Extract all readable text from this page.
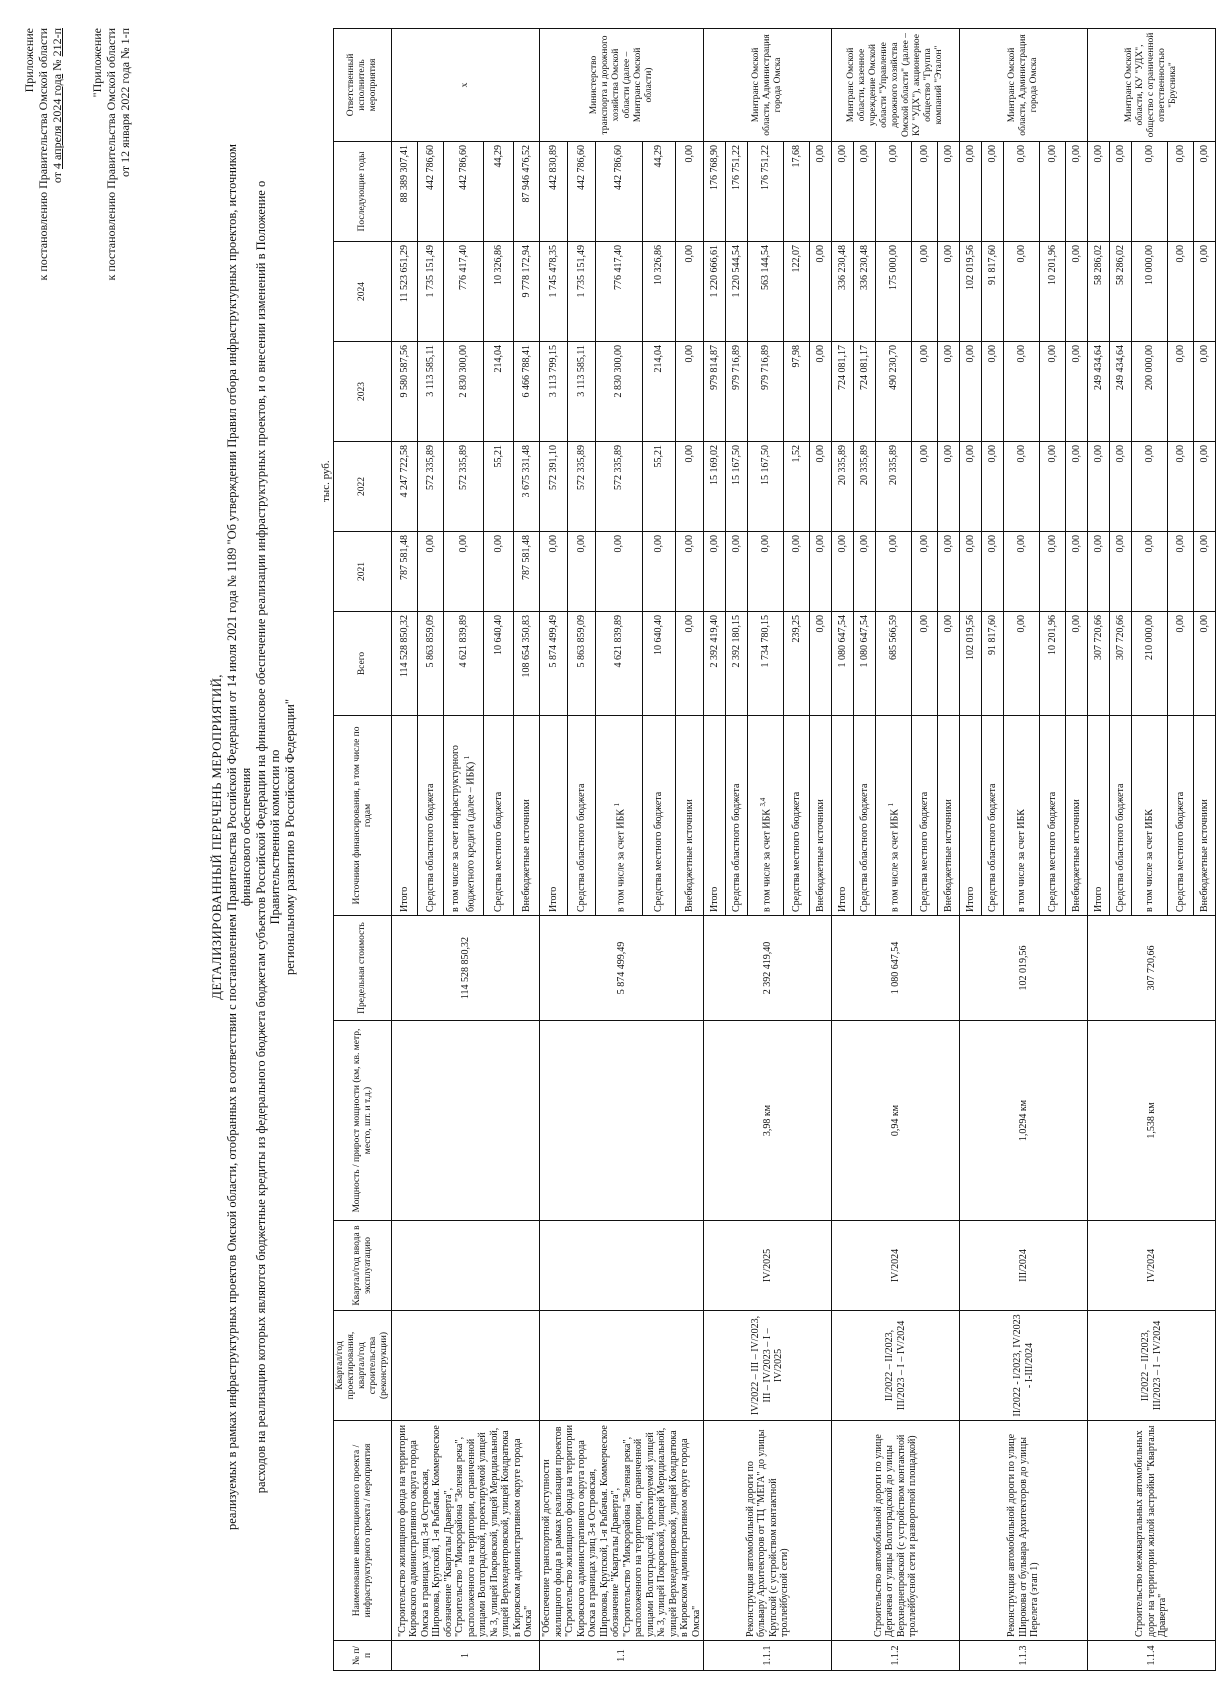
Приложение к постановлению Правительства Омской области от 4 апреля 2024 года № 212-п "Приложение к постановлению Правительства Омской области от 12 января 2022 года № 1-п
ДЕТАЛИЗИРОВАННЫЙ ПЕРЕЧЕНЬ МЕРОПРИЯТИЙ, реализуемых в рамках инфраструктурных проектов Омской области, отобранных в соответствии с постановлением Правительства Российской Федерации от 14 июля 2021 года № 1189 "Об утверждении Правил отбора инфраструктурных проектов, источником финансового обеспечения расходов на реализацию которых являются бюджетные кредиты из федерального бюджета бюджетам субъектов Российской Федерации на финансовое обеспечение реализации инфраструктурных проектов, и о внесении изменений в Положение о Правительственной комиссии по региональному развитию в Российской Федерации"
тыс. руб.
№ п/п	Наименование инвестиционного проекта / инфраструктурного проекта / мероприятия	Квартал/год проектирования, квартал/год строительства (реконструкции)	Квартал/год ввода в эксплуатацию	Мощность / прирост мощности (км, кв. метр, место, шт. и т.д.)	Предельная стоимость	Источники финансирования, в том числе по годам	Всего	2021	2022	2023	2024	Последующие годы	Ответственный исполнитель мероприятия
1	"Строительство жилищного фонда на территории Кировского административного округа города Омска в границах улиц 3-я Островская, Широкова, Крупской, 1-я Рыбачья. Коммерческое обозначение "Кварталы Драверта", "Строительство "Микрорайона "Зеленая река", расположенного на территории, ограниченной улицами Волгоградской, проектируемой улицей № 3, улицей Покровской, улицей Меридиальной, улицей Верхнеднепровской, улицей Кондратюка в Кировском административном округе города Омска"				114 528 850,32	Итого	114 528 850,32	787 581,48	4 247 722,58	9 580 587,56	11 523 651,29	88 389 307,41	х
						Средства областного бюджета	5 863 859,09	0,00	572 335,89	3 113 585,11	1 735 151,49	442 786,60	
						в том числе за счет инфраструктурного бюджетного кредита (далее – ИБК) $^1$	4 621 839,89	0,00	572 335,89	2 830 300,00	776 417,40	442 786,60	
						Средства местного бюджета	10 640,40	0,00	55,21	214,04	10 326,86	44,29	
						Внебюджетные источники	108 654 350,83	787 581,48	3 675 331,48	6 466 788,41	9 778 172,94	87 946 476,52	
1.1	"Обеспечение транспортной доступности жилищного фонда в рамках реализации проектов "Строительство жилищного фонда на территории Кировского административного округа города Омска в границах улиц 3-я Островская, Широкова, Крупской, 1-я Рыбачья. Коммерческое обозначение "Кварталы Драверта", "Строительство "Микрорайона "Зеленая река", расположенного на территории, ограниченной улицами Волгоградской, проектируемой улицей № 3, улицей Покровской, улицей Меридиальной, улицей Верхнеднепровской, улицей Кондратюка в Кировском административном округе города Омска"				5 874 499,49	Итого	5 874 499,49	0,00	572 391,10	3 113 799,15	1 745 478,35	442 830,89	Министерство транспорта и дорожного хозяйства Омской области (далее – Минтранс Омской области)
						Средства областного бюджета	5 863 859,09	0,00	572 335,89	3 113 585,11	1 735 151,49	442 786,60	
						в том числе за счет ИБК $^1$	4 621 839,89	0,00	572 335,89	2 830 300,00	776 417,40	442 786,60	
						Средства местного бюджета	10 640,40	0,00	55,21	214,04	10 326,86	44,29	
						Внебюджетные источники	0,00	0,00	0,00	0,00	0,00	0,00	
1.1.1	Реконструкция автомобильной дороги по бульвару Архитекторов от ТЦ "МЕГА" до улицы Крупской (с устройством контактной троллейбусной сети)	IV/2022 – III – IV/2023, III – IV/2023 – I – IV/2025	IV/2025	3,98 км	2 392 419,40	Итого	2 392 419,40	0,00	15 169,02	979 814,87	1 220 666,61	176 768,90	Минтранс Омской области, Администрация города Омска
						Средства областного бюджета	2 392 180,15	0,00	15 167,50	979 716,89	1 220 544,54	176 751,22	
						в том числе за счет ИБК $^{3,4}$	1 734 780,15	0,00	15 167,50	979 716,89	563 144,54	176 751,22	
						Средства местного бюджета	239,25	0,00	1,52	97,98	122,07	17,68	
						Внебюджетные источники	0,00	0,00	0,00	0,00	0,00	0,00	
1.1.2	Строительство автомобильной дороги по улице Дергачева от улицы Волгоградской до улицы Верхнеднепровской (с устройством контактной троллейбусной сети и разворотной площадкой)	II/2022 – II/2023, III/2023 – I – IV/2024	IV/2024	0,94 км	1 080 647,54	Итого	1 080 647,54	0,00	20 335,89	724 081,17	336 230,48	0,00	Минтранс Омской области, казенное учреждение Омской области "Управление дорожного хозяйства Омской области" (далее – КУ "УДХ"), акционерное общество "Группа компаний "Эталон"
						Средства областного бюджета	1 080 647,54	0,00	20 335,89	724 081,17	336 230,48	0,00	
						в том числе за счет ИБК $^1$	685 566,59	0,00	20 335,89	490 230,70	175 000,00	0,00	
						Средства местного бюджета	0,00	0,00	0,00	0,00	0,00	0,00	
						Внебюджетные источники	0,00	0,00	0,00	0,00	0,00	0,00	
1.1.3	Реконструкция автомобильной дороги по улице Широкова от бульвара Архитекторов до улицы Перелета (этап 1)	II/2022 - I/2023, IV/2023 - I-III/2024	III/2024	1,0294 км	102 019,56	Итого	102 019,56	0,00	0,00	0,00	102 019,56	0,00	Минтранс Омской области, Администрация города Омска
						Средства областного бюджета	91 817,60	0,00	0,00	0,00	91 817,60	0,00	
						в том числе за счет ИБК	0,00	0,00	0,00	0,00	0,00	0,00	
						Средства местного бюджета	10 201,96	0,00	0,00	0,00	10 201,96	0,00	
						Внебюджетные источники	0,00	0,00	0,00	0,00	0,00	0,00	
1.1.4	Строительство межквартальных автомобильных дорог на территории жилой застройки "Кварталы Драверта"	II/2022 – II/2023, III/2023 – I – IV/2024	IV/2024	1,538 км	307 720,66	Итого	307 720,66	0,00	0,00	249 434,64	58 286,02	0,00	Минтранс Омской области, КУ "УДХ", общество с ограниченной ответственностью "Брусника"
						Средства областного бюджета	307 720,66	0,00	0,00	249 434,64	58 286,02	0,00	
						в том числе за счет ИБК	210 000,00	0,00	0,00	200 000,00	10 000,00	0,00	
						Средства местного бюджета	0,00	0,00	0,00	0,00	0,00	0,00	
						Внебюджетные источники	0,00	0,00	0,00	0,00	0,00	0,00	
